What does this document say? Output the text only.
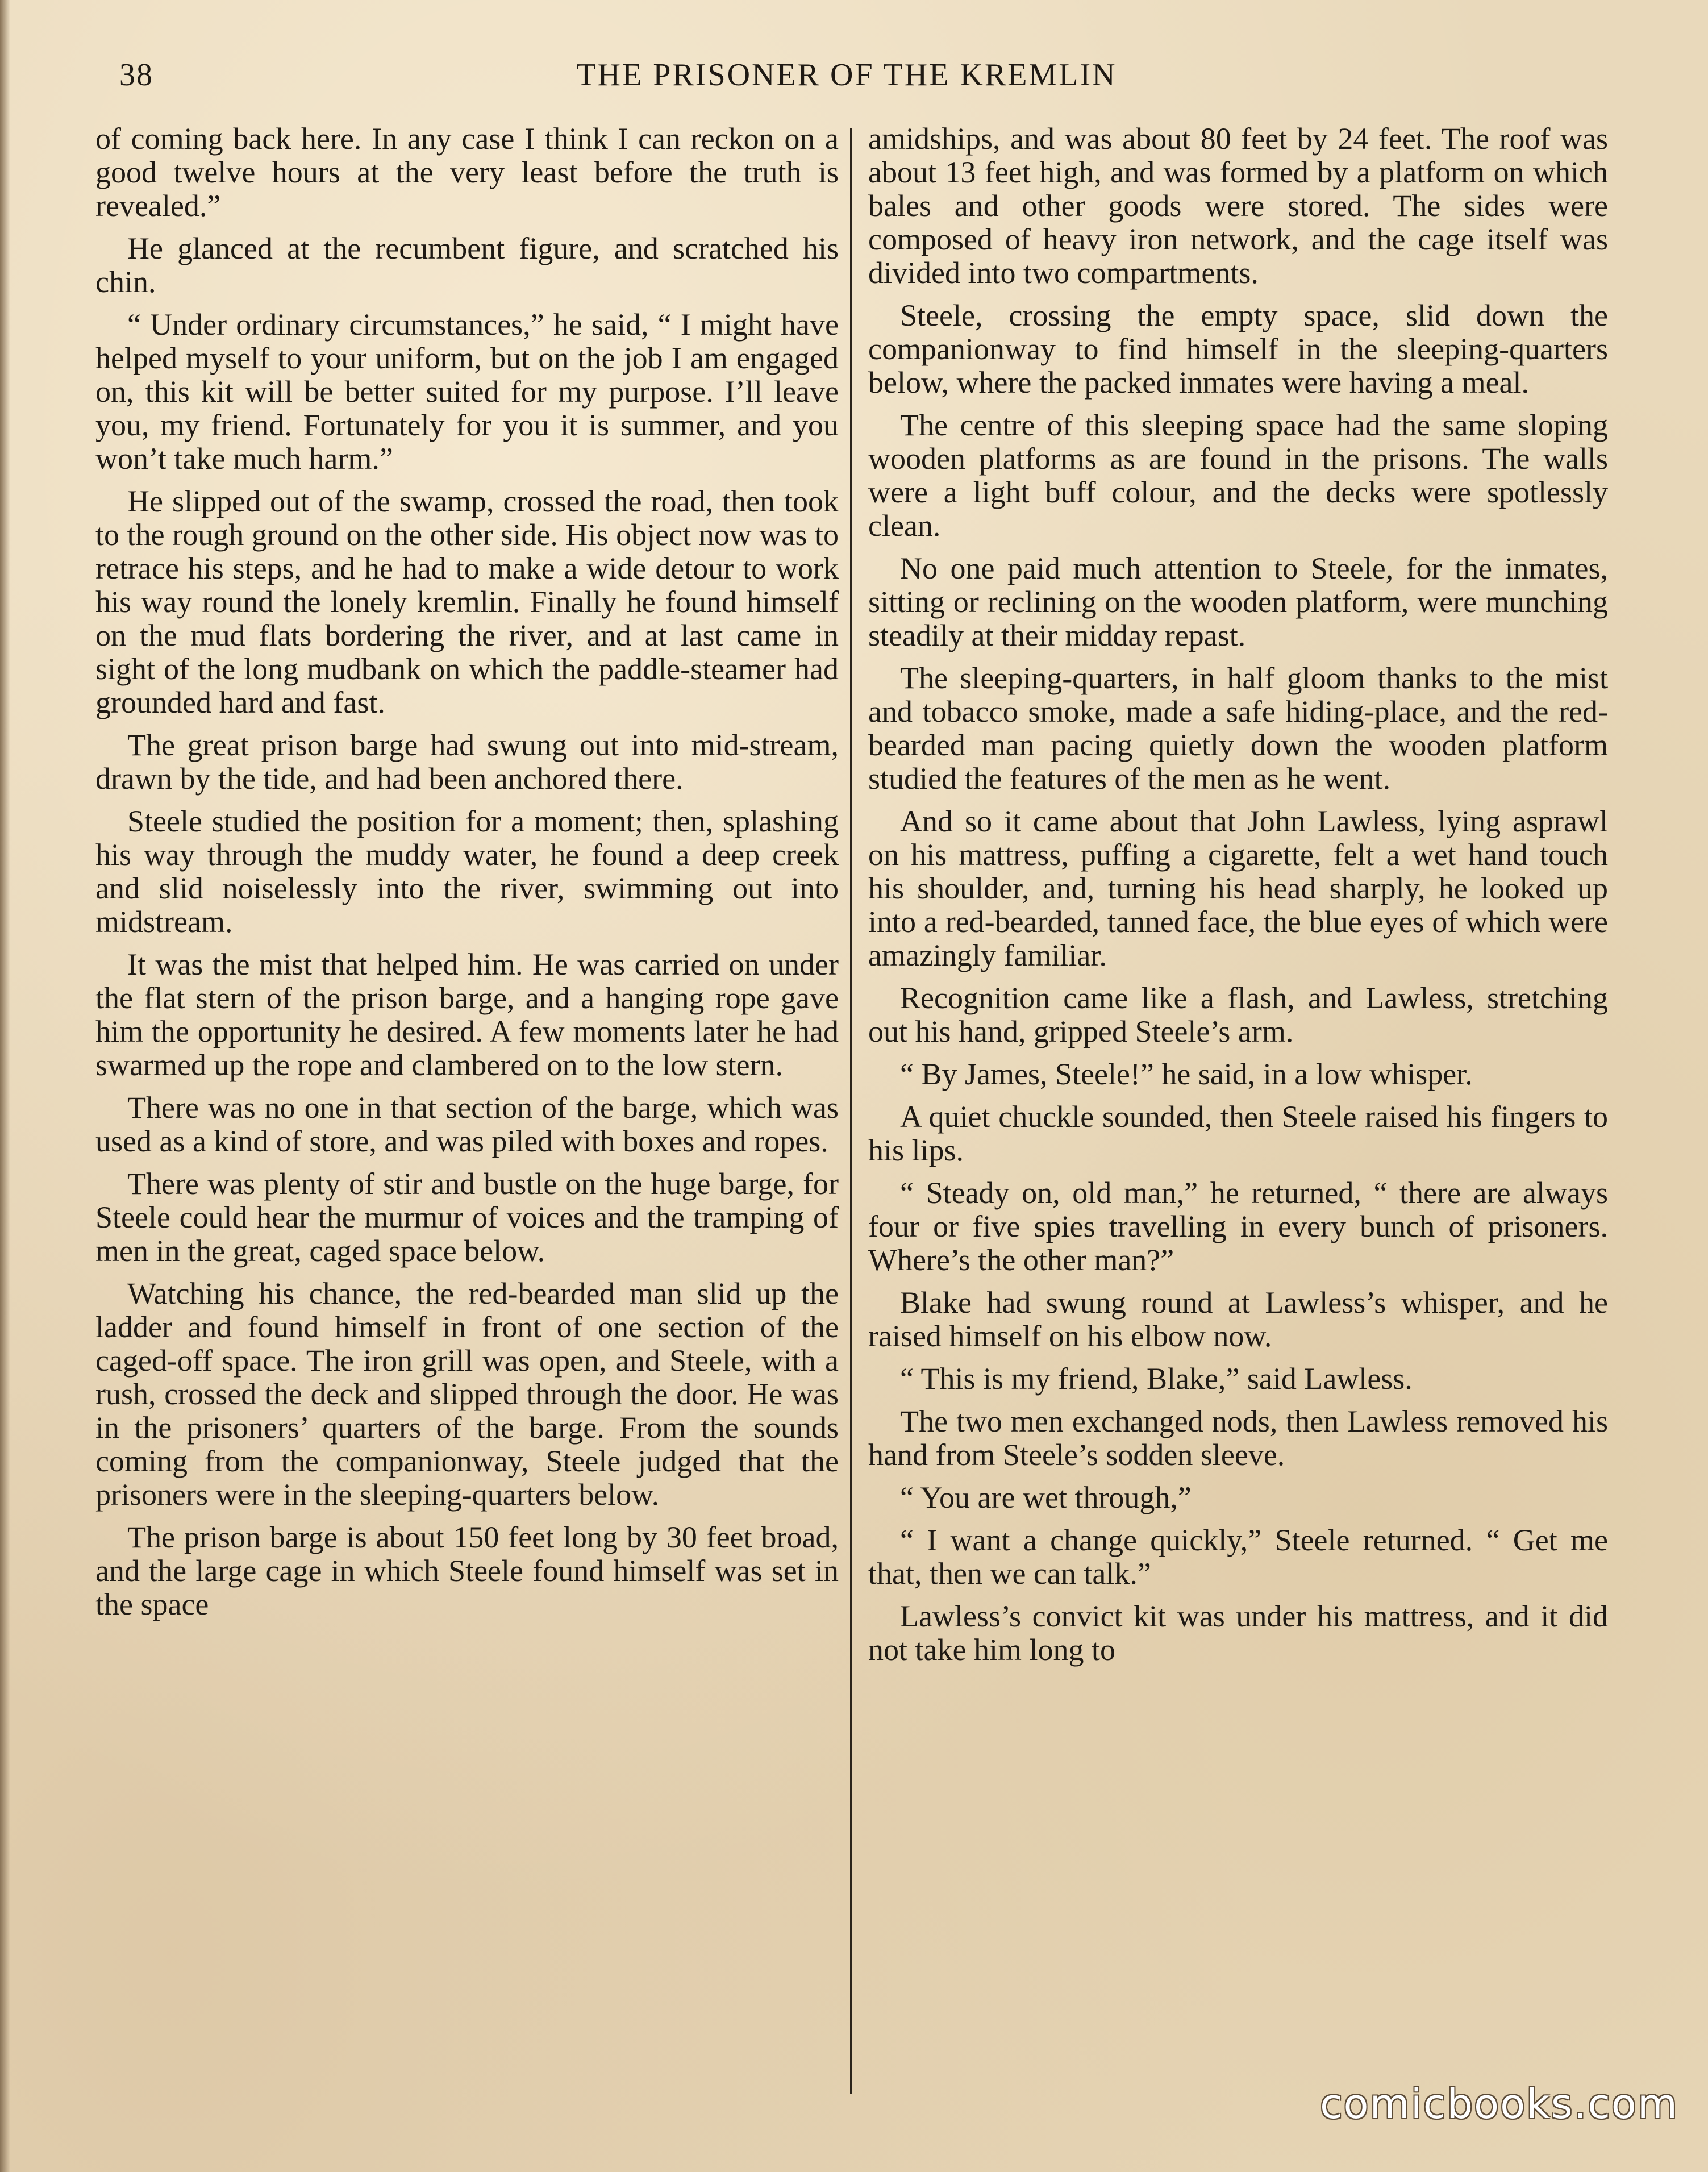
38	THE PRISONER OF THE KREMLIN

of coming back here. In any case I think I can reckon on a good twelve hours at the very least before the truth is revealed.”

He glanced at the recumbent figure, and scratched his chin.

“ Under ordinary circumstances,” he said, “ I might have helped myself to your uniform, but on the job I am engaged on, this kit will be better suited for my purpose. I’ll leave you, my friend. Fortunately for you it is summer, and you won’t take much harm.”

He slipped out of the swamp, crossed the road, then took to the rough ground on the other side. His object now was to retrace his steps, and he had to make a wide detour to work his way round the lonely kremlin. Finally he found himself on the mud flats bordering the river, and at last came in sight of the long mudbank on which the paddle-steamer had grounded hard and fast.

The great prison barge had swung out into mid-stream, drawn by the tide, and had been anchored there.

Steele studied the position for a moment; then, splashing his way through the muddy water, he found a deep creek and slid noiselessly into the river, swimming out into midstream.

It was the mist that helped him. He was carried on under the flat stern of the prison barge, and a hanging rope gave him the opportunity he desired. A few moments later he had swarmed up the rope and clambered on to the low stern.

There was no one in that section of the barge, which was used as a kind of store, and was piled with boxes and ropes.

There was plenty of stir and bustle on the huge barge, for Steele could hear the murmur of voices and the tramping of men in the great, caged space below.

Watching his chance, the red-bearded man slid up the ladder and found himself in front of one section of the caged-off space. The iron grill was open, and Steele, with a rush, crossed the deck and slipped through the door. He was in the prisoners’ quarters of the barge. From the sounds coming from the companionway, Steele judged that the prisoners were in the sleeping-quarters below.

The prison barge is about 150 feet long by 30 feet broad, and the large cage in which Steele found himself was set in the space

amidships, and was about 80 feet by 24 feet. The roof was about 13 feet high, and was formed by a platform on which bales and other goods were stored. The sides were composed of heavy iron network, and the cage itself was divided into two compartments.

Steele, crossing the empty space, slid down the companionway to find himself in the sleeping-quarters below, where the packed inmates were having a meal.

The centre of this sleeping space had the same sloping wooden platforms as are found in the prisons. The walls were a light buff colour, and the decks were spotlessly clean.

No one paid much attention to Steele, for the inmates, sitting or reclining on the wooden platform, were munching steadily at their midday repast.

The sleeping-quarters, in half gloom thanks to the mist and tobacco smoke, made a safe hiding-place, and the red-bearded man pacing quietly down the wooden platform studied the features of the men as he went.

And so it came about that John Lawless, lying asprawl on his mattress, puffing a cigarette, felt a wet hand touch his shoulder, and, turning his head sharply, he looked up into a red-bearded, tanned face, the blue eyes of which were amazingly familiar.

Recognition came like a flash, and Lawless, stretching out his hand, gripped Steele’s arm.

“ By James, Steele!” he said, in a low whisper.

A quiet chuckle sounded, then Steele raised his fingers to his lips.

“ Steady on, old man,” he returned, “ there are always four or five spies travelling in every bunch of prisoners. Where’s the other man?”

Blake had swung round at Lawless’s whisper, and he raised himself on his elbow now.

“ This is my friend, Blake,” said Lawless.

The two men exchanged nods, then Lawless removed his hand from Steele’s sodden sleeve.

“ You are wet through,”

“ I want a change quickly,” Steele returned. “ Get me that, then we can talk.”

Lawless’s convict kit was under his mattress, and it did not take him long to

comicbooks.com
